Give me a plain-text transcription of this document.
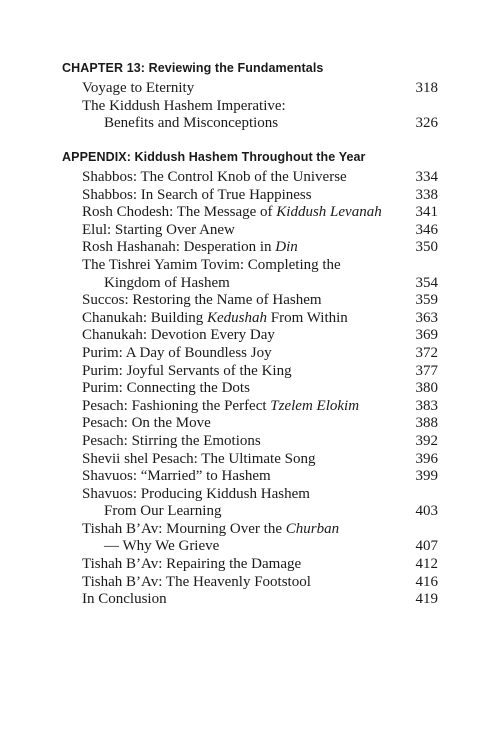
CHAPTER 13: Reviewing the Fundamentals
Voyage to Eternity	318
The Kiddush Hashem Imperative:
Benefits and Misconceptions	326
APPENDIX: Kiddush Hashem Throughout the Year
Shabbos: The Control Knob of the Universe	334
Shabbos: In Search of True Happiness	338
Rosh Chodesh: The Message of Kiddush Levanah	341
Elul: Starting Over Anew	346
Rosh Hashanah: Desperation in Din	350
The Tishrei Yamim Tovim: Completing the
Kingdom of Hashem	354
Succos: Restoring the Name of Hashem	359
Chanukah: Building Kedushah From Within	363
Chanukah: Devotion Every Day	369
Purim: A Day of Boundless Joy	372
Purim: Joyful Servants of the King	377
Purim: Connecting the Dots	380
Pesach: Fashioning the Perfect Tzelem Elokim	383
Pesach: On the Move	388
Pesach: Stirring the Emotions	392
Shevii shel Pesach: The Ultimate Song	396
Shavuos: “Married” to Hashem	399
Shavuos: Producing Kiddush Hashem
From Our Learning	403
Tishah B’Av: Mourning Over the Churban
— Why We Grieve	407
Tishah B’Av: Repairing the Damage	412
Tishah B’Av: The Heavenly Footstool	416
In Conclusion	419
